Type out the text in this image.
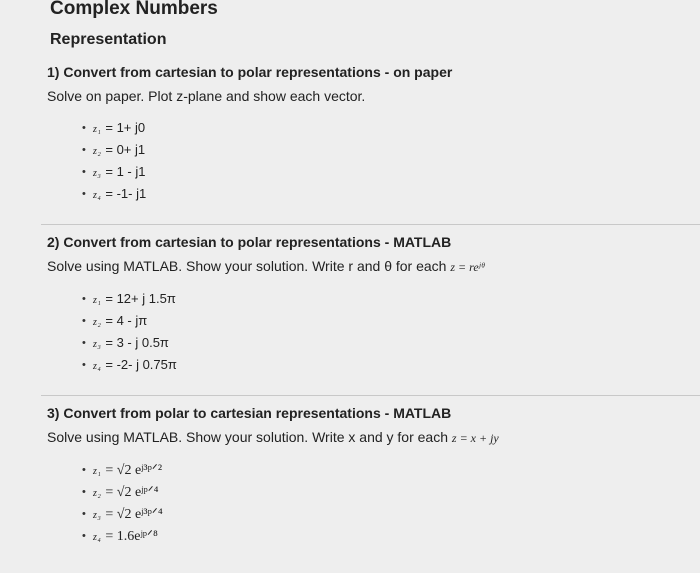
Complex Numbers
Representation
1) Convert from cartesian to polar representations - on paper
Solve on paper. Plot z-plane and show each vector.
• z₁ = 1+ j0
• z₂ = 0+ j1
• z₃ = 1 - j1
• z₄ = -1- j1
2) Convert from cartesian to polar representations - MATLAB
Solve using MATLAB. Show your solution. Write r and θ for each z = reʲᶿ
• z₁ = 12+ j 1.5π
• z₂ = 4 - jπ
• z₃ = 3 - j 0.5π
• z₄ = -2- j 0.75π
3) Convert from polar to cartesian representations - MATLAB
Solve using MATLAB. Show your solution. Write x and y for each z = x + jy
• z₁ = √2 eʲ³ᵖᐟ²
• z₂ = √2 eʲᵖᐟ⁴
• z₃ = √2 eʲ³ᵖᐟ⁴
• z₄ = 1.6eʲᵖᐟ⁸
